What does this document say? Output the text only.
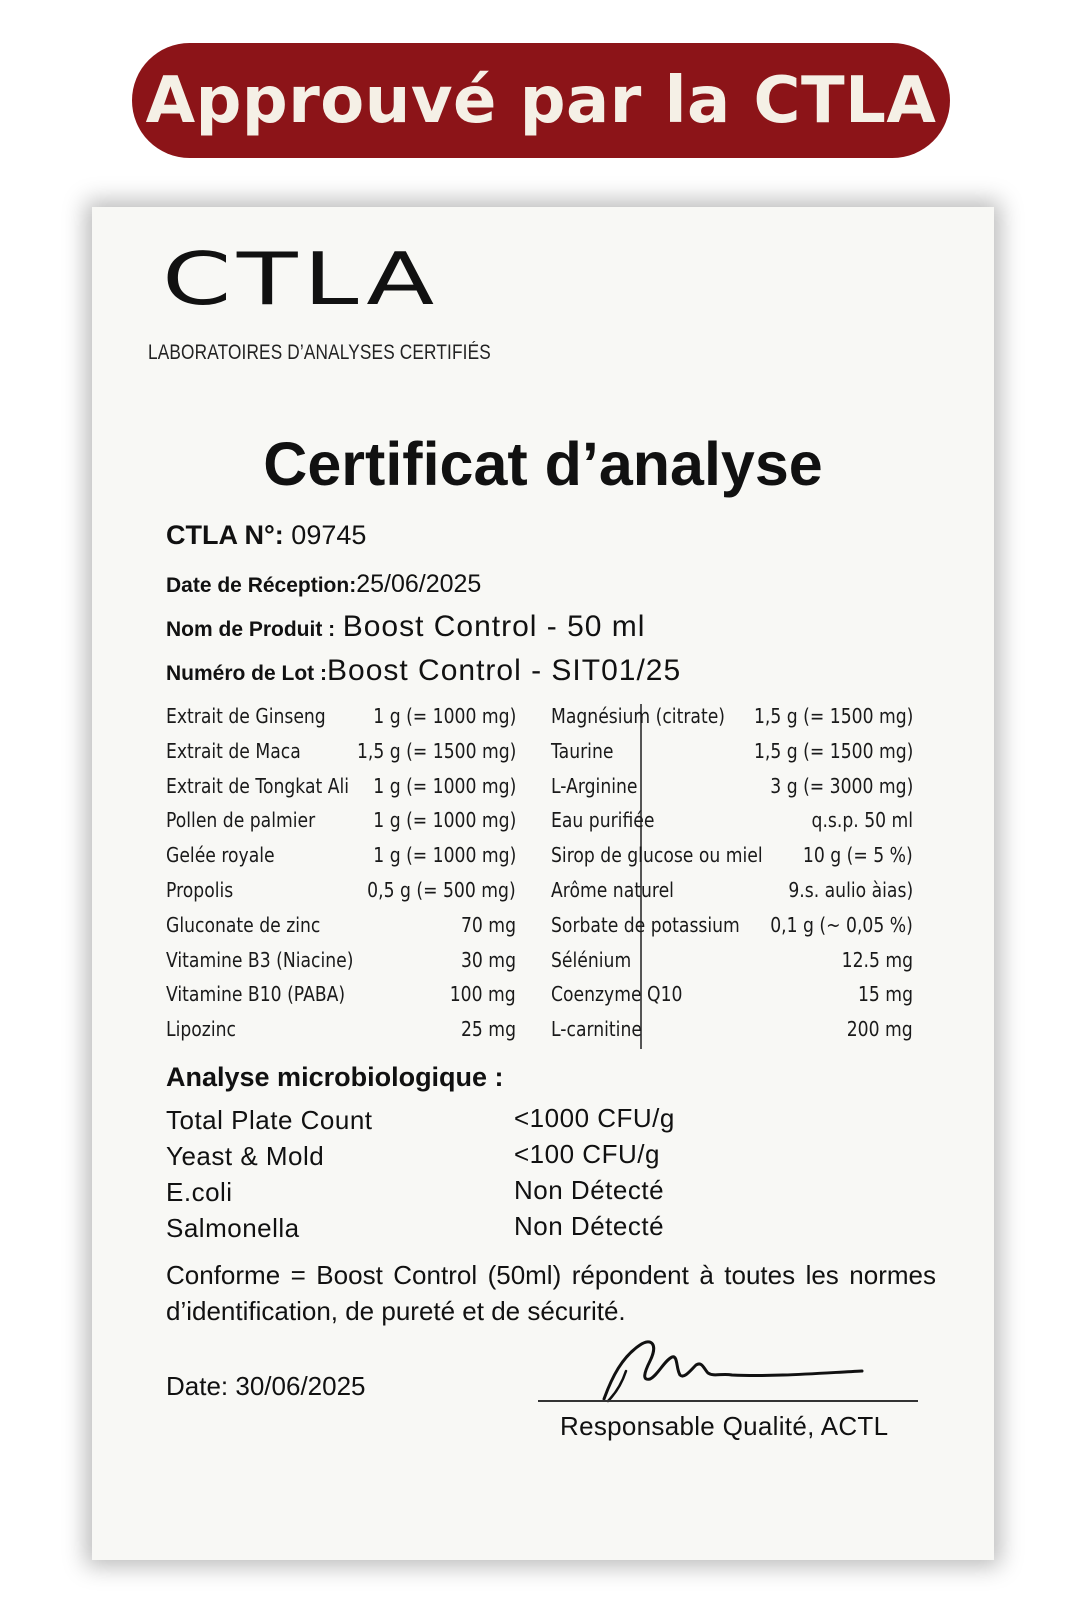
Approuvé par la CTLA
CTLA
LABORATOIRES D’ANALYSES CERTIFIÉS
Certificat d’analyse
CTLA N°: 09745
Date de Réception:25/06/2025
Nom de Produit : Boost Control - 50 ml
Numéro de Lot :Boost Control - SIT01/25
Extrait de Ginseng 1 g (= 1000 mg)
Extrait de Maca	1,5 g (= 1500 mg)
Extrait de Tongkat Ali 1 g (= 1000 mg)
Pollen de palmier	1 g (= 1000 mg)
Gelée royale	1 g (= 1000 mg)
Propolis	0,5 g (= 500 mg)
Gluconate de zinc	70 mg
Vitamine B3 (Niacine)	30 mg
Vitamine B10 (PABA)	100 mg
Lipozinc	25 mg
Magnésium (citrate) 1,5 g (= 1500 mg)
Taurine	1,5 g (= 1500 mg)
L-Arginine	3 g (= 3000 mg)
Eau purifiée	q.s.p. 50 ml
Sirop de glucose ou miel 10 g (= 5 %)
Arôme naturel	9.s. aulio àias)
Sorbate de potassium 0,1 g (~ 0,05 %)
Sélénium	12.5 mg
Coenzyme Q10	15 mg
L-carnitine	200 mg
Analyse microbiologique :
Total Plate Count	<1000 CFU/g
Yeast & Mold	<100 CFU/g
E.coli	Non Détecté
Salmonella	Non Détecté
Conforme = Boost Control (50ml) répondent à toutes les normes d’identification, de pureté et de sécurité.
Date: 30/06/2025
Responsable Qualité, ACTL
